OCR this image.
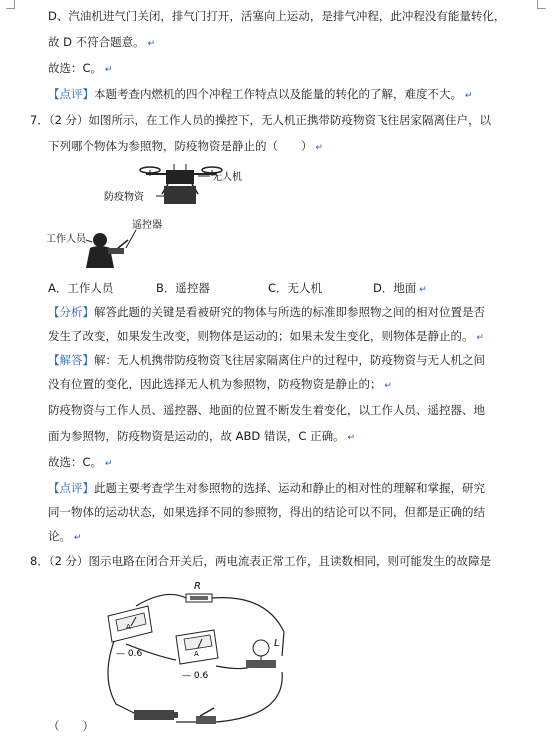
D、汽油机进气门关闭，排气门打开，活塞向上运动，是排气冲程，此冲程没有能量转化，
故 D 不符合题意。 ↵
故选：C。 ↵
【点评】本题考查内燃机的四个冲程工作特点以及能量的转化的了解，难度不大。 ↵
7．（2 分）如图所示，在工作人员的操控下，无人机正携带防疫物资飞往居家隔离住户，以
下列哪个物体为参照物，防疫物资是静止的（　　） ↵
无人机
防疫物资
遥控器
工作人员
A．工作人员	B．遥控器	C．无人机	D．地面 ↵
【分析】解答此题的关键是看被研究的物体与所选的标准即参照物之间的相对位置是否
发生了改变，如果发生改变，则物体是运动的；如果未发生变化，则物体是静止的。 ↵
【解答】解：无人机携带防疫物资飞往居家隔离住户的过程中，防疫物资与无人机之间
没有位置的变化，因此选择无人机为参照物，防疫物资是静止的； ↵
防疫物资与工作人员、遥控器、地面的位置不断发生着变化，以工作人员、遥控器、地
面为参照物，防疫物资是运动的，故 ABD 错误，C 正确。 ↵
故选：C。 ↵
【点评】此题主要考查学生对参照物的选择、运动和静止的相对性的理解和掌握，研究
同一物体的运动状态，如果选择不同的参照物，得出的结论可以不同，但都是正确的结
论。 ↵
8．（2 分）图示电路在闭合开关后，两电流表正常工作，且读数相同，则可能发生的故障是
R
A
— 0.6	A
— 0.6
L
（　　）
